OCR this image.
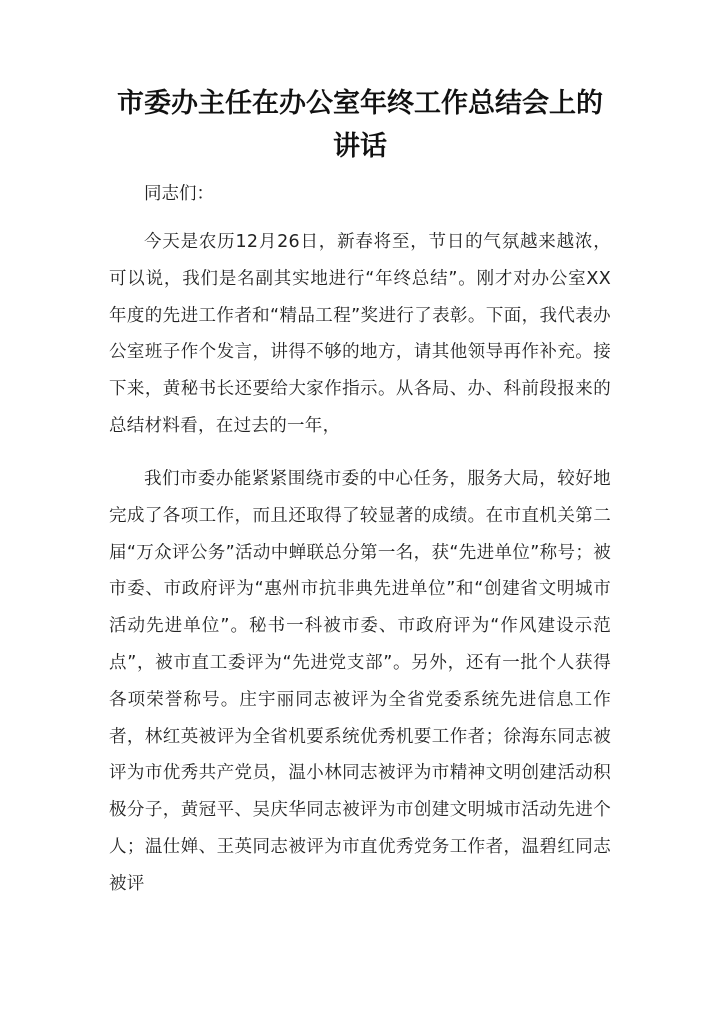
市委办主任在办公室年终工作总结会上的
讲话

同志们：

今天是农历12月26日，新春将至，节日的气氛越来越浓，可以说，我们是名副其实地进行“年终总结”。刚才对办公室XX年度的先进工作者和“精品工程”奖进行了表彰。下面，我代表办公室班子作个发言，讲得不够的地方，请其他领导再作补充。接下来，黄秘书长还要给大家作指示。从各局、办、科前段报来的总结材料看，在过去的一年，

我们市委办能紧紧围绕市委的中心任务，服务大局，较好地完成了各项工作，而且还取得了较显著的成绩。在市直机关第二届“万众评公务”活动中蝉联总分第一名，获“先进单位”称号；被市委、市政府评为“惠州市抗非典先进单位”和“创建省文明城市活动先进单位”。秘书一科被市委、市政府评为“作风建设示范点”，被市直工委评为“先进党支部”。另外，还有一批个人获得各项荣誉称号。庄宇丽同志被评为全省党委系统先进信息工作者，林红英被评为全省机要系统优秀机要工作者；徐海东同志被评为市优秀共产党员，温小林同志被评为市精神文明创建活动积极分子，黄冠平、吴庆华同志被评为市创建文明城市活动先进个人；温仕婵、王英同志被评为市直优秀党务工作者，温碧红同志被评
